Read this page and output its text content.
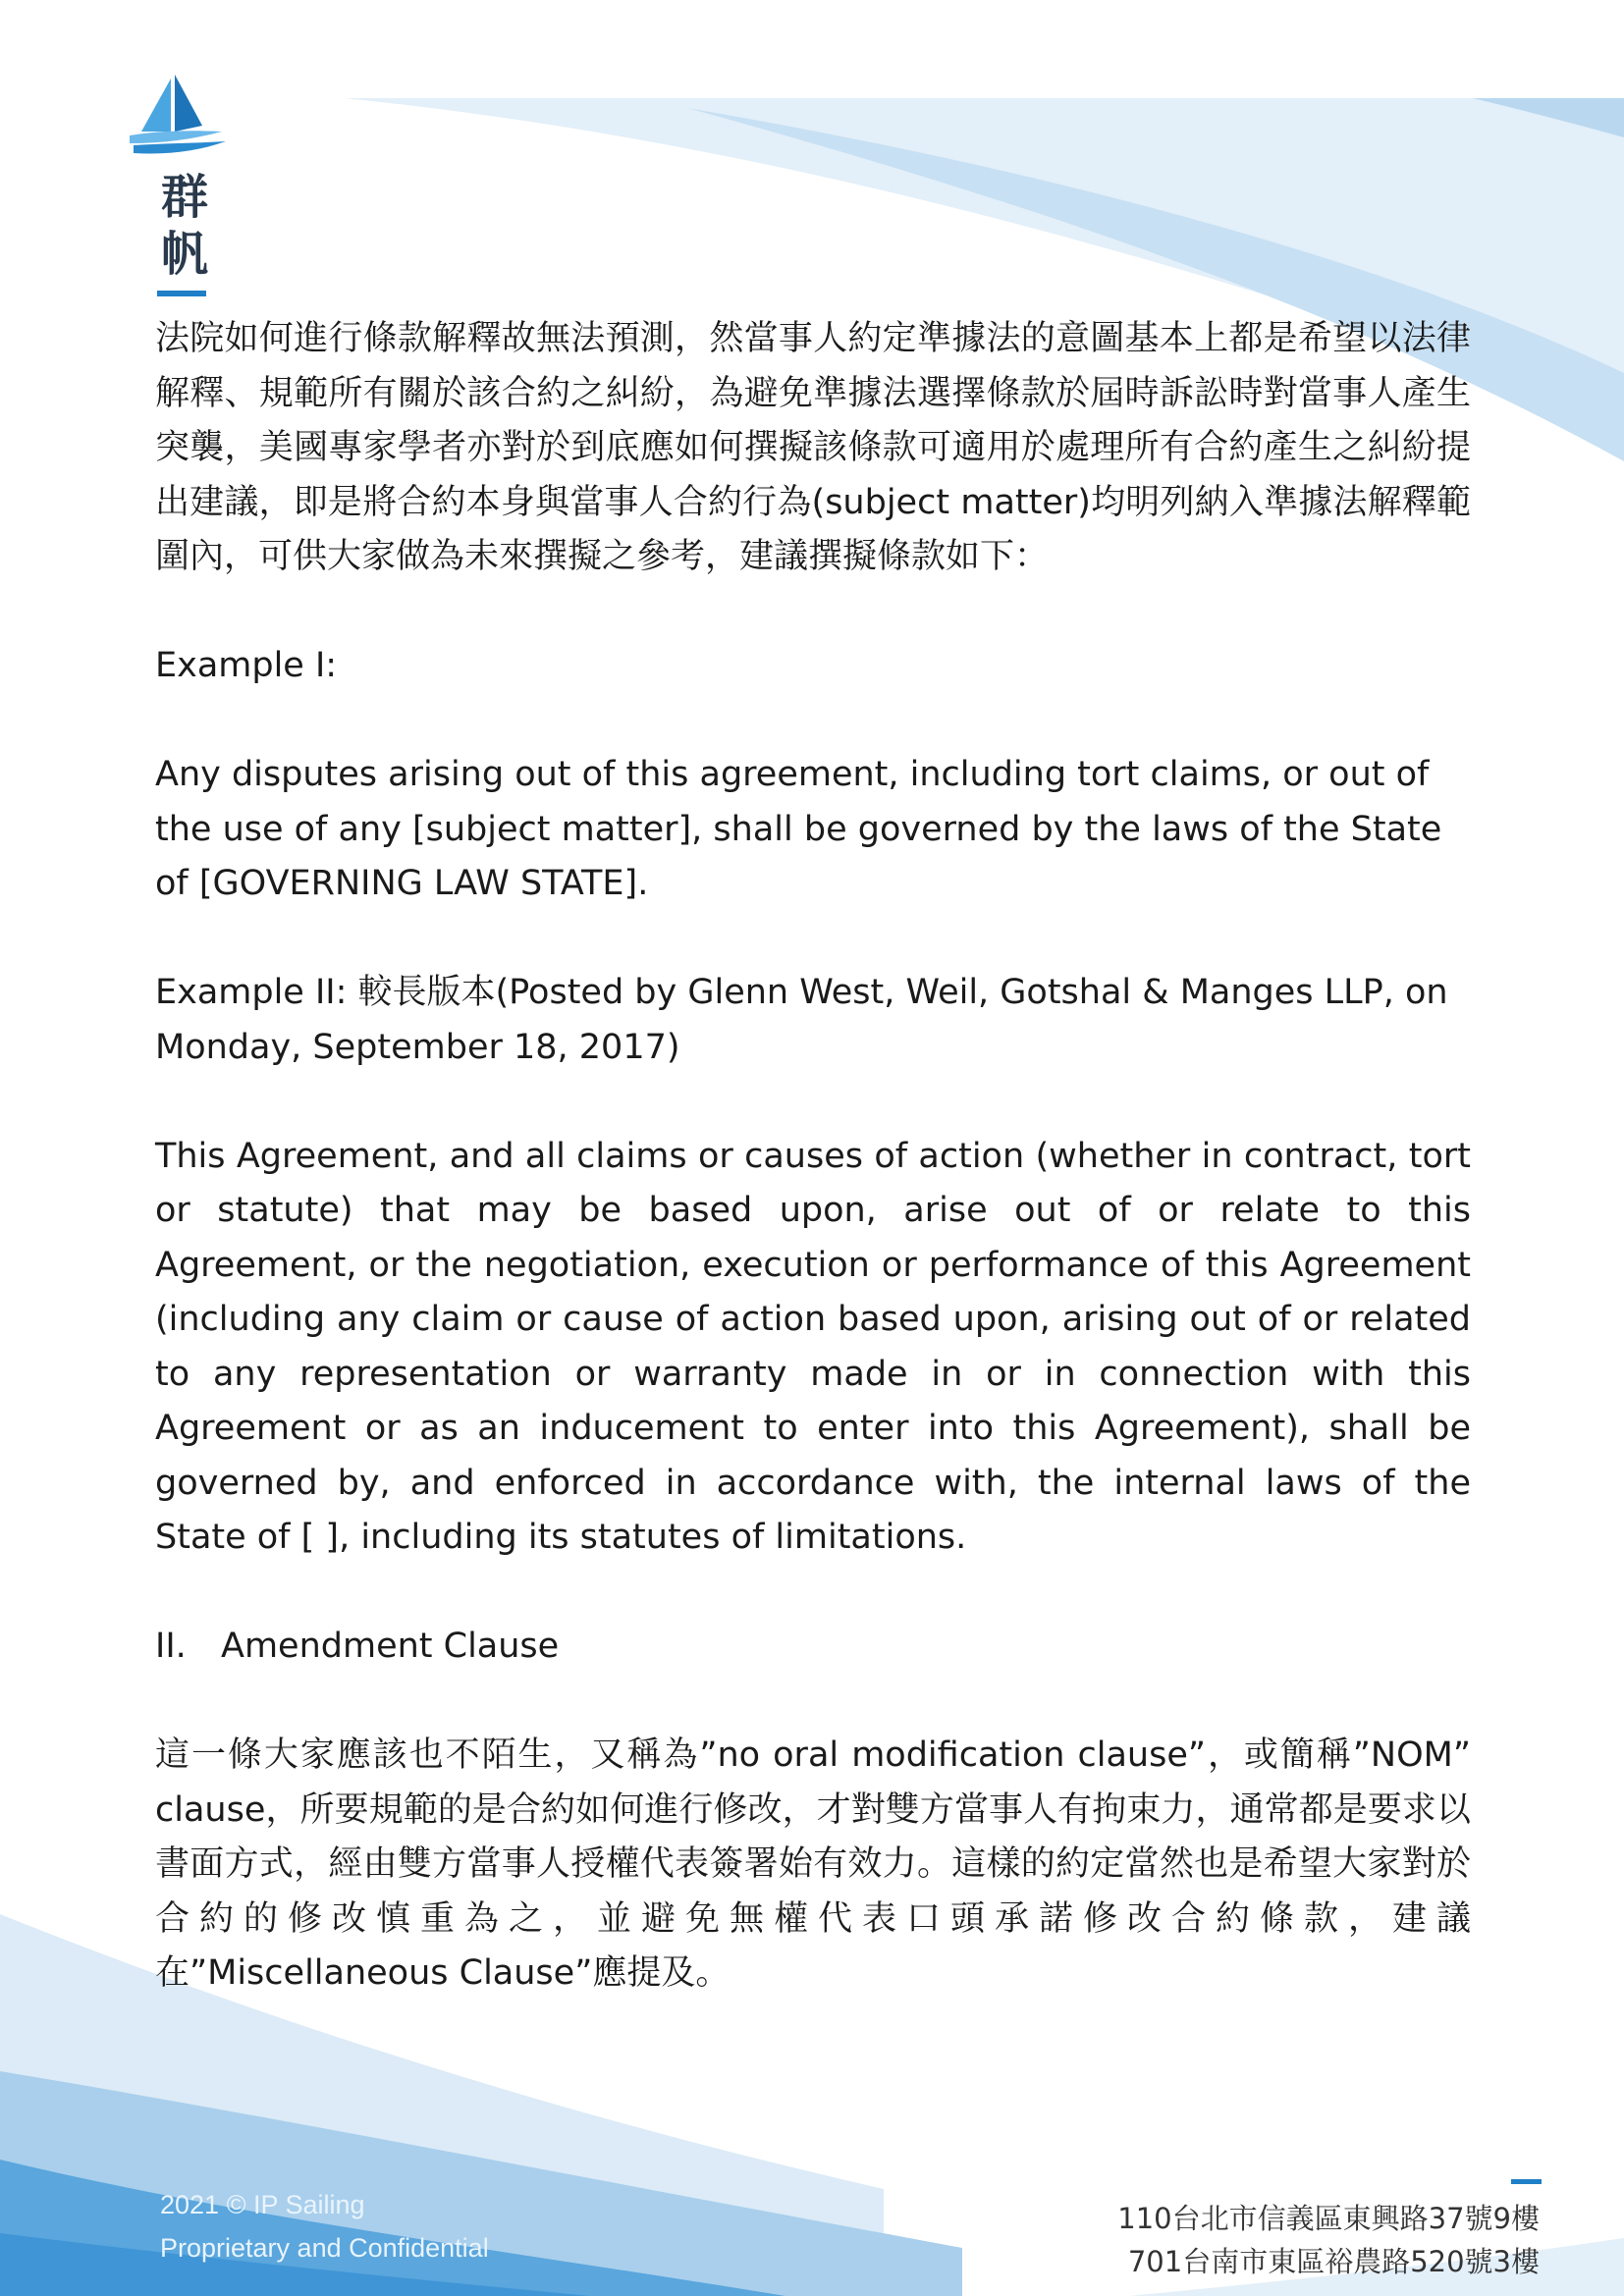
群
帆

法院如何進行條款解釋故無法預測，然當事人約定準據法的意圖基本上都是希望以法律解釋、規範所有關於該合約之糾紛，為避免準據法選擇條款於屆時訴訟時對當事人產生突襲，美國專家學者亦對於到底應如何撰擬該條款可適用於處理所有合約產生之糾紛提出建議，即是將合約本身與當事人合約行為(subject matter)均明列納入準據法解釋範圍內，可供大家做為未來撰擬之參考，建議撰擬條款如下：

Example I:

Any disputes arising out of this agreement, including tort claims, or out of the use of any [subject matter], shall be governed by the laws of the State of [GOVERNING LAW STATE].

Example II: 較長版本(Posted by Glenn West, Weil, Gotshal & Manges LLP, on Monday, September 18, 2017)

This Agreement, and all claims or causes of action (whether in contract, tort or statute) that may be based upon, arise out of or relate to this Agreement, or the negotiation, execution or performance of this Agreement (including any claim or cause of action based upon, arising out of or related to any representation or warranty made in or in connection with this Agreement or as an inducement to enter into this Agreement), shall be governed by, and enforced in accordance with, the internal laws of the State of [ ], including its statutes of limitations.

II. Amendment Clause

這一條大家應該也不陌生，又稱為”no oral modification clause”，或簡稱”NOM” clause，所要規範的是合約如何進行修改，才對雙方當事人有拘束力，通常都是要求以書面方式，經由雙方當事人授權代表簽署始有效力。這樣的約定當然也是希望大家對於合約的修改慎重為之，並避免無權代表口頭承諾修改合約條款，建議在”Miscellaneous Clause”應提及。

2021 © IP Sailing
Proprietary and Confidential
110台北市信義區東興路37號9樓
701台南市東區裕農路520號3樓
